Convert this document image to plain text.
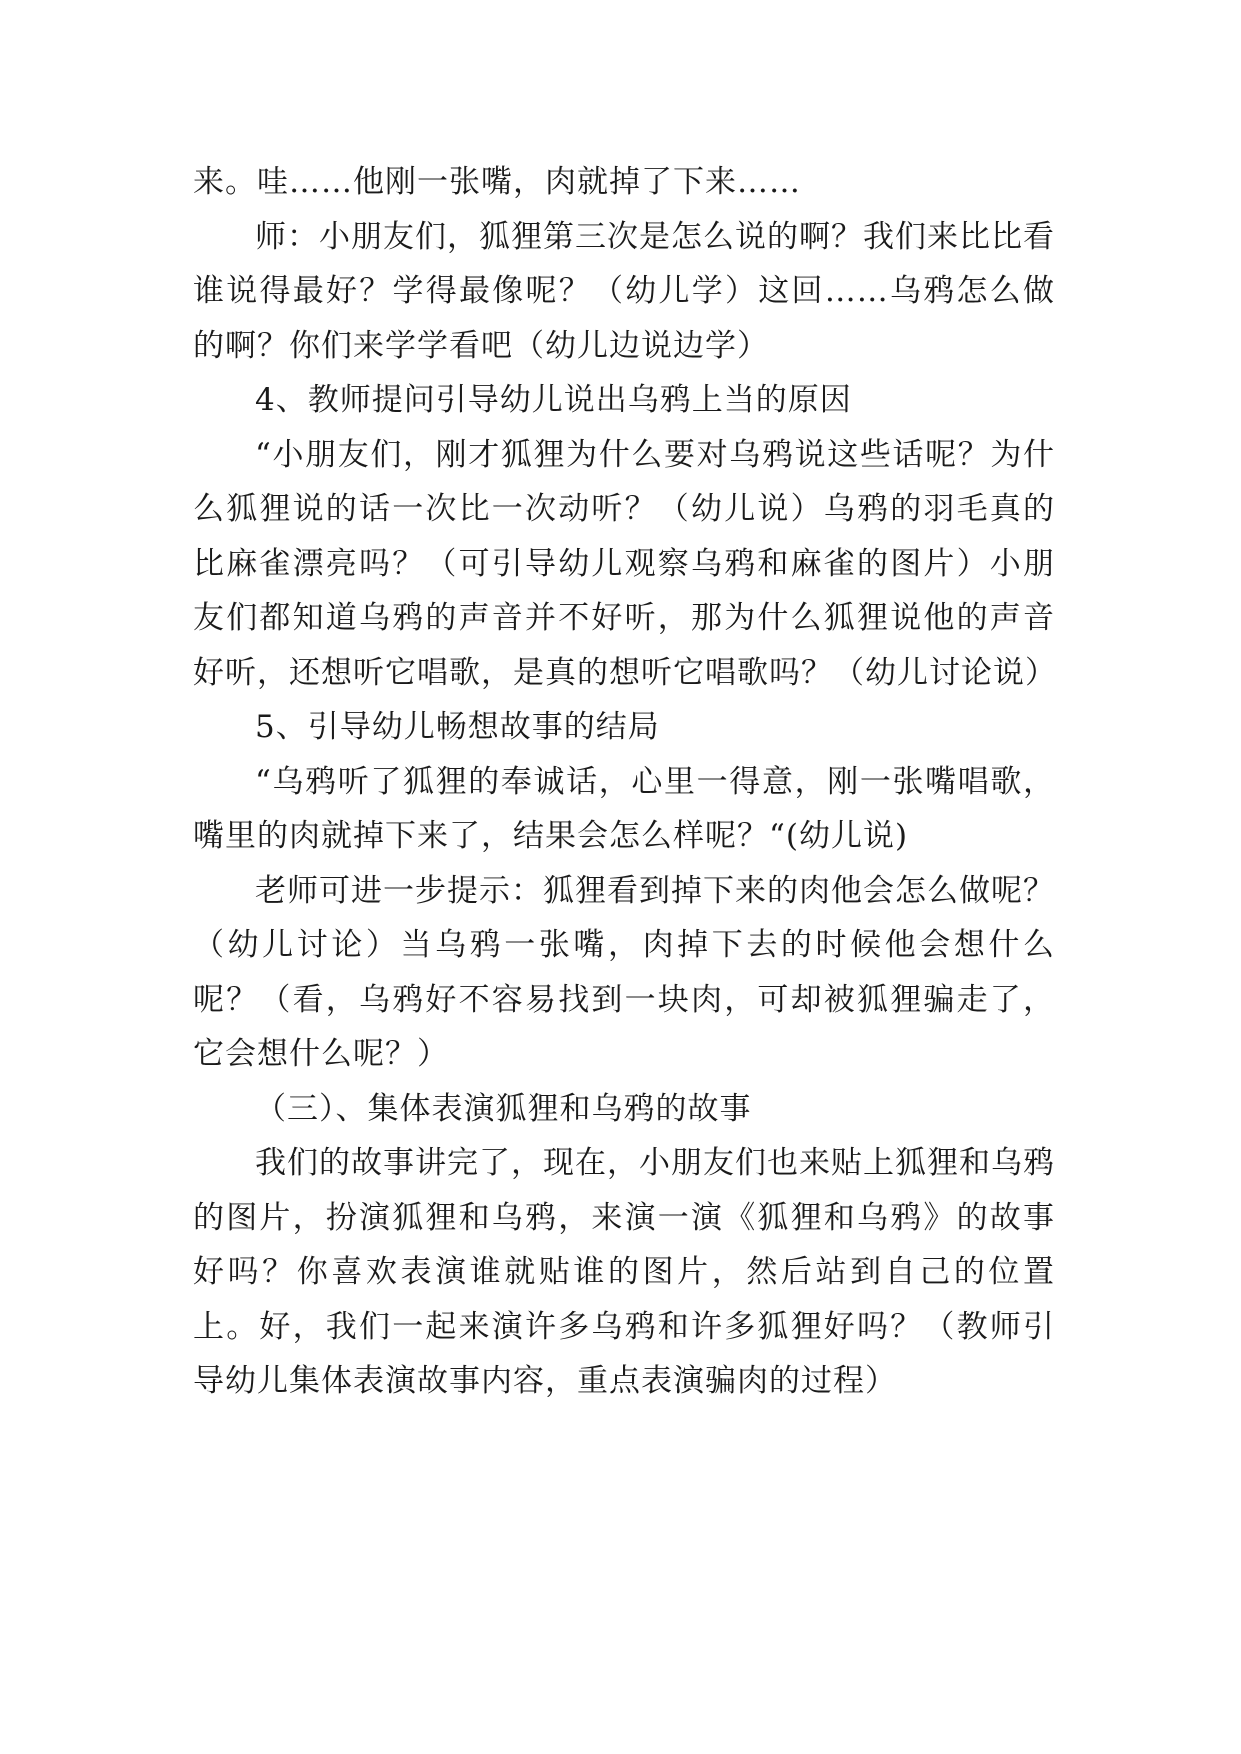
来。哇……他刚一张嘴，肉就掉了下来……

师：小朋友们，狐狸第三次是怎么说的啊？我们来比比看谁说得最好？学得最像呢？（幼儿学）这回……乌鸦怎么做的啊？你们来学学看吧（幼儿边说边学）

4、教师提问引导幼儿说出乌鸦上当的原因

“小朋友们，刚才狐狸为什么要对乌鸦说这些话呢？为什么狐狸说的话一次比一次动听？（幼儿说）乌鸦的羽毛真的比麻雀漂亮吗？（可引导幼儿观察乌鸦和麻雀的图片）小朋友们都知道乌鸦的声音并不好听，那为什么狐狸说他的声音好听，还想听它唱歌，是真的想听它唱歌吗？（幼儿讨论说）

5、引导幼儿畅想故事的结局

“乌鸦听了狐狸的奉诚话，心里一得意，刚一张嘴唱歌，嘴里的肉就掉下来了，结果会怎么样呢？“(幼儿说)

老师可进一步提示：狐狸看到掉下来的肉他会怎么做呢？（幼儿讨论）当乌鸦一张嘴，肉掉下去的时候他会想什么呢？（看，乌鸦好不容易找到一块肉，可却被狐狸骗走了，它会想什么呢？）

（三）、集体表演狐狸和乌鸦的故事

我们的故事讲完了，现在，小朋友们也来贴上狐狸和乌鸦的图片，扮演狐狸和乌鸦，来演一演《狐狸和乌鸦》的故事好吗？你喜欢表演谁就贴谁的图片，然后站到自己的位置上。好，我们一起来演许多乌鸦和许多狐狸好吗？（教师引导幼儿集体表演故事内容，重点表演骗肉的过程）
